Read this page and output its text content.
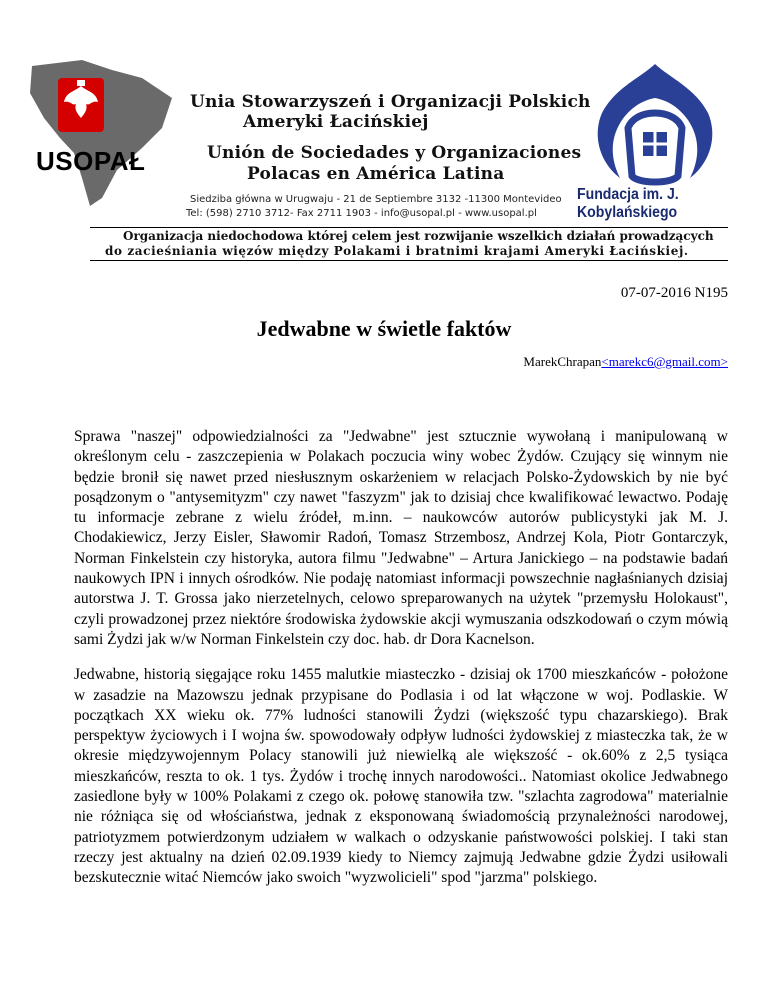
USOPAŁ
Unia Stowarzyszeń i Organizacji Polskich
Ameryki Łacińskiej
Unión de Sociedades y Organizaciones
Polacas en América Latina
Siedziba główna w Urugwaju - 21 de Septiembre 3132 -11300 Montevideo
Tel: (598) 2710 3712- Fax 2711 1903 - info@usopal.pl - www.usopal.pl
Fundacja im. J. Kobylańskiego
Organizacja niedochodowa której celem jest rozwijanie wszelkich działań prowadzących
do zacieśniania więzów między Polakami i bratnimi krajami Ameryki Łacińskiej.
07-07-2016 N195
Jedwabne w świetle faktów
MarekChrapan<marekc6@gmail.com>

Sprawa "naszej" odpowiedzialności za "Jedwabne" jest sztucznie wywołaną i manipulowaną w określonym celu - zaszczepienia w Polakach poczucia winy wobec Żydów. Czujący się winnym nie będzie bronił się nawet przed niesłusznym oskarżeniem w relacjach Polsko-Żydowskich by nie być posądzonym o "antysemityzm" czy nawet "faszyzm" jak to dzisiaj chce kwalifikować lewactwo. Podaję tu informacje zebrane z wielu źródeł, m.inn. – naukowców autorów publicystyki jak M. J. Chodakiewicz, Jerzy Eisler, Sławomir Radoń, Tomasz Strzembosz, Andrzej Kola, Piotr Gontarczyk, Norman Finkelstein czy historyka, autora filmu "Jedwabne" – Artura Janickiego – na podstawie badań naukowych IPN i innych ośrodków. Nie podaję natomiast informacji powszechnie nagłaśnianych dzisiaj autorstwa J. T. Grossa jako nierzetelnych, celowo spreparowanych na użytek "przemysłu Holokaust", czyli prowadzonej przez niektóre środowiska żydowskie akcji wymuszania odszkodowań o czym mówią sami Żydzi jak w/w Norman Finkelstein czy doc. hab. dr Dora Kacnelson.

Jedwabne, historią sięgające roku 1455 malutkie miasteczko - dzisiaj ok 1700 mieszkańców - położone w zasadzie na Mazowszu jednak przypisane do Podlasia i od lat włączone w woj. Podlaskie. W początkach XX wieku ok. 77% ludności stanowili Żydzi (większość typu chazarskiego). Brak perspektyw życiowych i I wojna św. spowodowały odpływ ludności żydowskiej z miasteczka tak, że w okresie międzywojennym Polacy stanowili już niewielką ale większość - ok.60% z 2,5 tysiąca mieszkańców, reszta to ok. 1 tys. Żydów i trochę innych narodowości.. Natomiast okolice Jedwabnego zasiedlone były w 100% Polakami z czego ok. połowę stanowiła tzw. "szlachta zagrodowa" materialnie nie różniąca się od włościaństwa, jednak z eksponowaną świadomością przynależności narodowej, patriotyzmem potwierdzonym udziałem w walkach o odzyskanie państwowości polskiej. I taki stan rzeczy jest aktualny na dzień 02.09.1939 kiedy to Niemcy zajmują Jedwabne gdzie Żydzi usiłowali bezskutecznie witać Niemców jako swoich "wyzwolicieli" spod "jarzma" polskiego.
